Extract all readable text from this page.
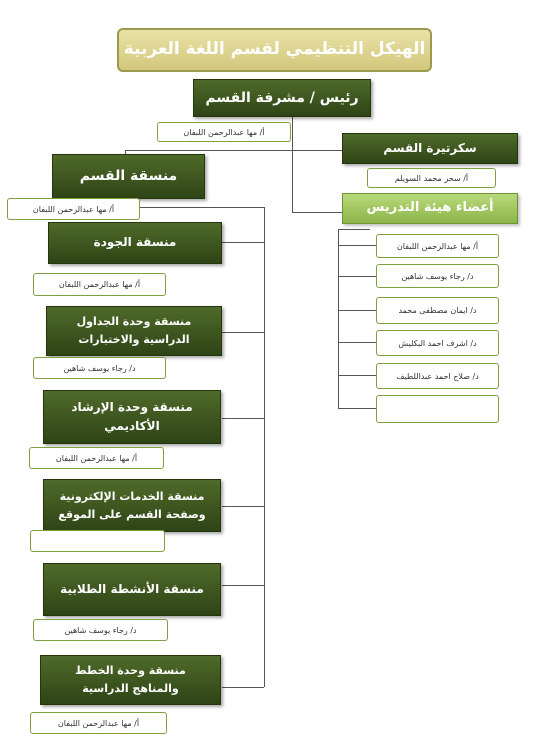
الهيكل التنظيمي لقسم اللغة العربية
رئيس / مشرفة القسم
أ/ مها عبدالرحمن اللبفان
سكرتيرة القسم
أ/ سحر محمد السويلم
أعضاء هيئة التدريس
أ/ مها عبدالرحمن اللبفان
د/ رجاء يوسف شاهين
د/ ايمان مصطفى محمد
د/ اشرف احمد البكليش
د/ صلاح احمد عبداللطيف
منسقة القسم
أ/ مها عبدالرحمن اللبفان
منسقة الجودة
أ/ مها عبدالرحمن اللبفان
منسقة وحدة الجداول الدراسية والاختبارات
د/ رجاء يوسف شاهين
منسقة وحدة الإرشاد الأكاديمي
أ/ مها عبدالرحمن اللبفان
منسقة الخدمات الإلكترونية وصفحة القسم على الموقع
منسقة الأنشطة الطلابية
د/ رجاء يوسف شاهين
منسقة وحدة الخطط والمناهج الدراسية
أ/ مها عبدالرحمن اللبفان
